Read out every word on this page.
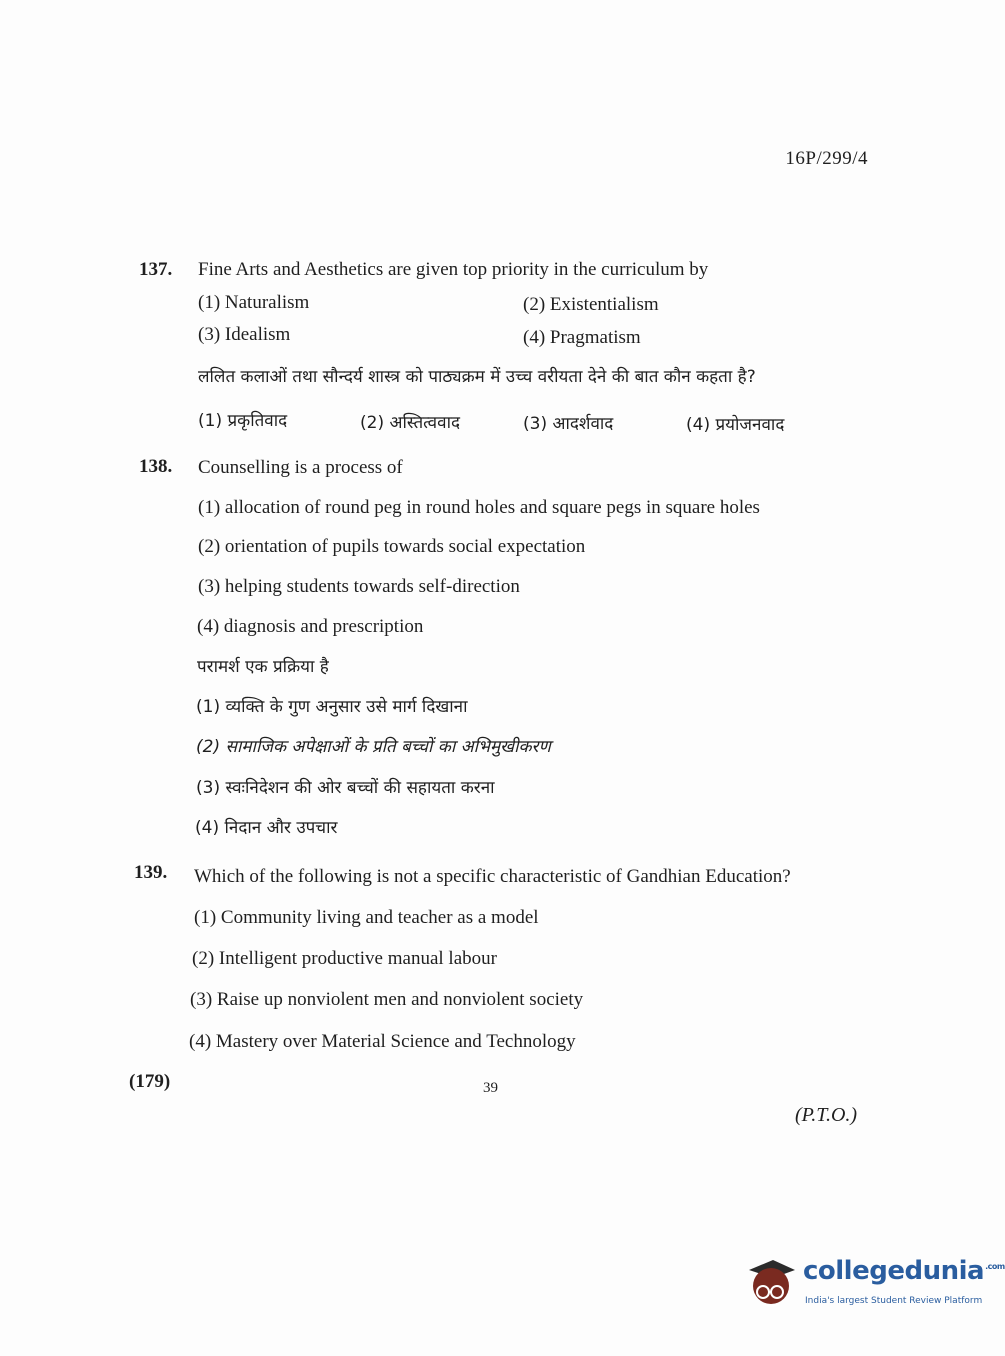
16P/299/4
137. Fine Arts and Aesthetics are given top priority in the curriculum by
(1) Naturalism	(2) Existentialism
(3) Idealism	(4) Pragmatism
ललित कलाओं तथा सौन्दर्य शास्त्र को पाठ्यक्रम में उच्च वरीयता देने की बात कौन कहता है?
(1) प्रकृतिवाद	(2) अस्तित्ववाद	(3) आदर्शवाद	(4) प्रयोजनवाद
138. Counselling is a process of
(1) allocation of round peg in round holes and square pegs in square holes
(2) orientation of pupils towards social expectation
(3) helping students towards self-direction
(4) diagnosis and prescription
परामर्श एक प्रक्रिया है
(1) व्यक्ति के गुण अनुसार उसे मार्ग दिखाना
(2) सामाजिक अपेक्षाओं के प्रति बच्चों का अभिमुखीकरण
(3) स्वःनिदेशन की ओर बच्चों की सहायता करना
(4) निदान और उपचार
139. Which of the following is not a specific characteristic of Gandhian Education?
(1) Community living and teacher as a model
(2) Intelligent productive manual labour
(3) Raise up nonviolent men and nonviolent society
(4) Mastery over Material Science and Technology
(179)	39
(P.T.O.)
collegedunia$^{.com}$
India's largest Student Review Platform
